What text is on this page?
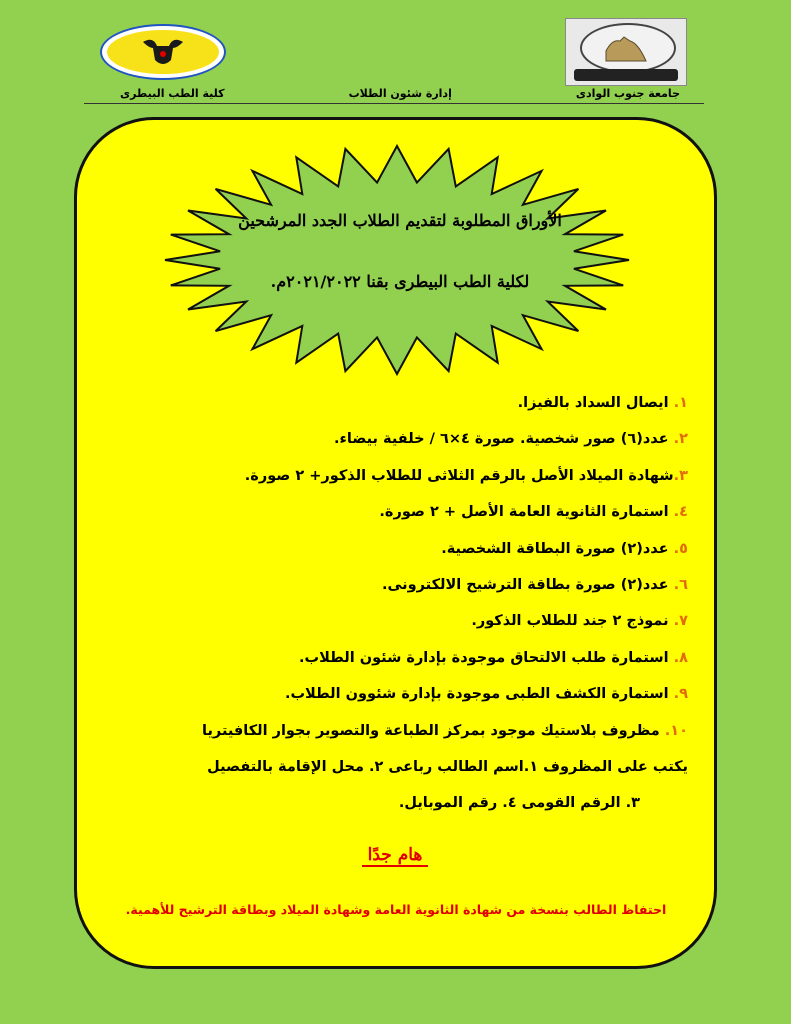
جامعة جنوب الوادى
إدارة شئون الطلاب
كلية الطب البيطرى
الأوراق المطلوبة لتقديم الطلاب الجدد المرشحين
لكلية الطب البيطرى بقنا ٢٠٢١/٢٠٢٢م.
١. ايصال السداد بالفيزا.
٢. عدد(٦) صور شخصية. صورة ٤×٦ / خلفية بيضاء.
٣.شهادة الميلاد الأصل بالرقم الثلاثى للطلاب الذكور+ ٢ صورة.
٤. استمارة الثانوية العامة الأصل + ٢ صورة.
٥. عدد(٢) صورة البطاقة الشخصية.
٦. عدد(٢) صورة بطاقة الترشيح الالكترونى.
٧. نموذج ٢ جند للطلاب الذكور.
٨. استمارة طلب الالتحاق موجودة بإدارة شئون الطلاب.
٩. استمارة الكشف الطبى موجودة بإدارة شئوون الطلاب.
١٠. مظروف بلاستيك موجود بمركز الطباعة والتصوير بجوار الكافيتريا
يكتب على المظروف ١.اسم الطالب رباعى ٢. محل الإقامة بالتفصيل
٣. الرقم القومى ٤. رقم الموبايل.
هام جدًا
احتفاظ الطالب بنسخة من شهادة الثانوية العامة وشهادة الميلاد وبطاقة الترشيح للأهمية.
